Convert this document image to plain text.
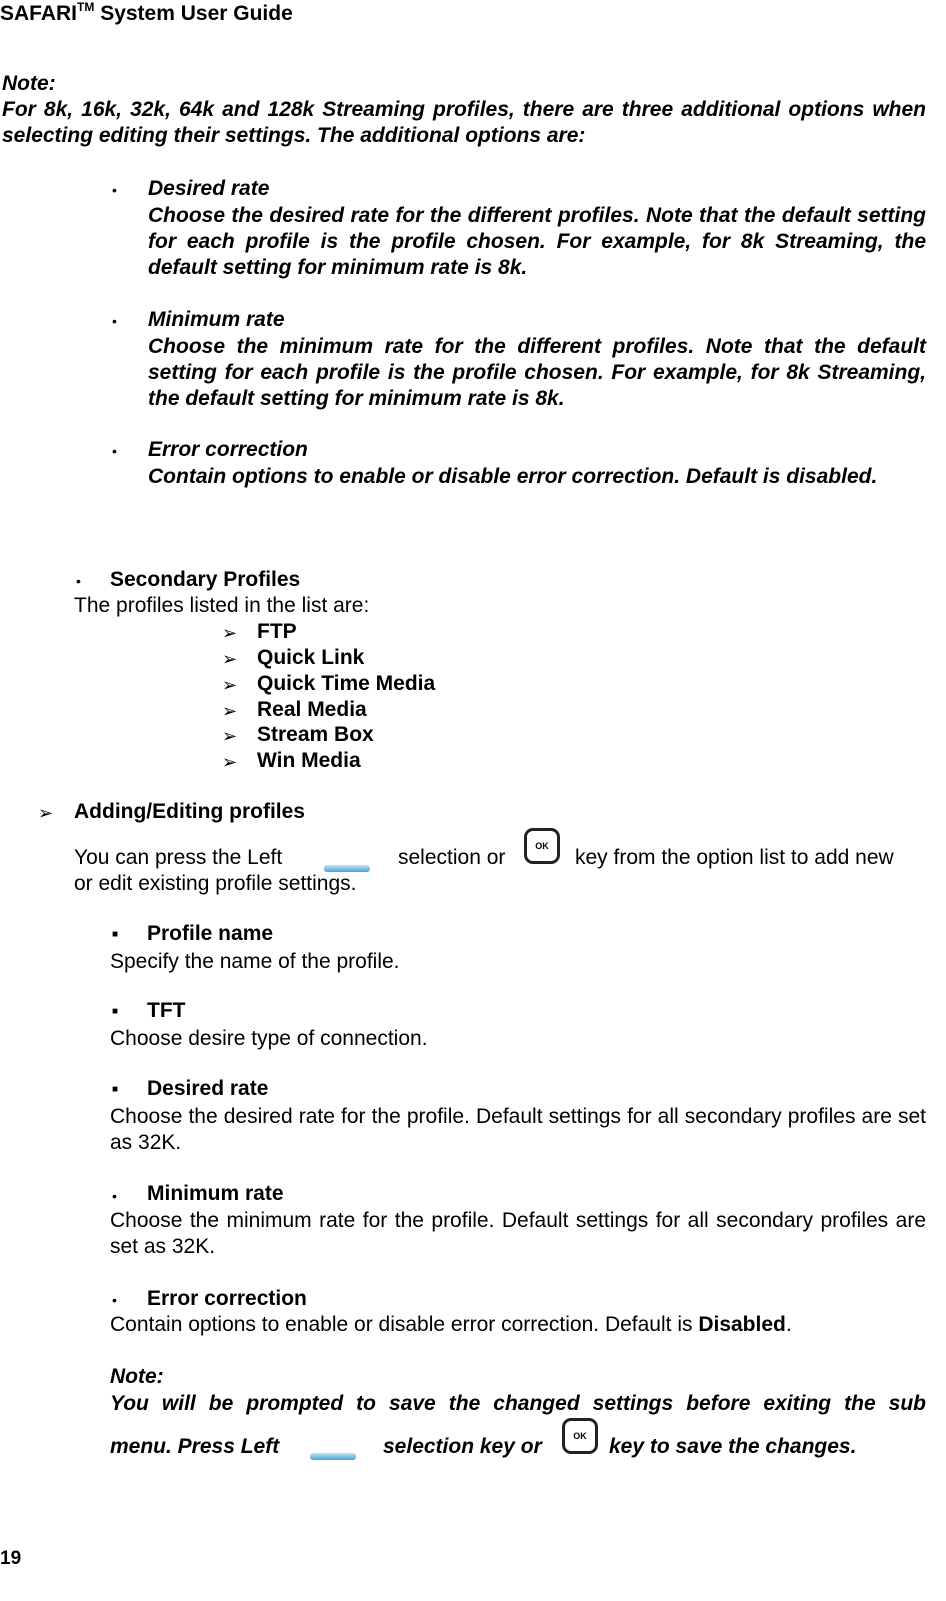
SAFARI™ System User Guide
Note:
For 8k, 16k, 32k, 64k and 128k Streaming profiles, there are three additional options when selecting editing their settings. The additional options are:
• Desired rate
Choose the desired rate for the different profiles. Note that the default setting for each profile is the profile chosen. For example, for 8k Streaming, the default setting for minimum rate is 8k.
• Minimum rate
Choose the minimum rate for the different profiles. Note that the default setting for each profile is the profile chosen. For example, for 8k Streaming, the default setting for minimum rate is 8k.
• Error correction
Contain options to enable or disable error correction. Default is disabled.
• Secondary Profiles
The profiles listed in the list are:
➢ FTP
➢ Quick Link
➢ Quick Time Media
➢ Real Media
➢ Stream Box
➢ Win Media
➢ Adding/Editing profiles
You can press the Left	selection or	OK	key from the option list to add new
or edit existing profile settings.
■ Profile name
Specify the name of the profile.
■ TFT
Choose desire type of connection.
■ Desired rate
Choose the desired rate for the profile. Default settings for all secondary profiles are set as 32K.
• Minimum rate
Choose the minimum rate for the profile. Default settings for all secondary profiles are set as 32K.
• Error correction
Contain options to enable or disable error correction. Default is Disabled.
Note:
You will be prompted to save the changed settings before exiting the sub
menu. Press Left	selection key or	OK	key to save the changes.
19
